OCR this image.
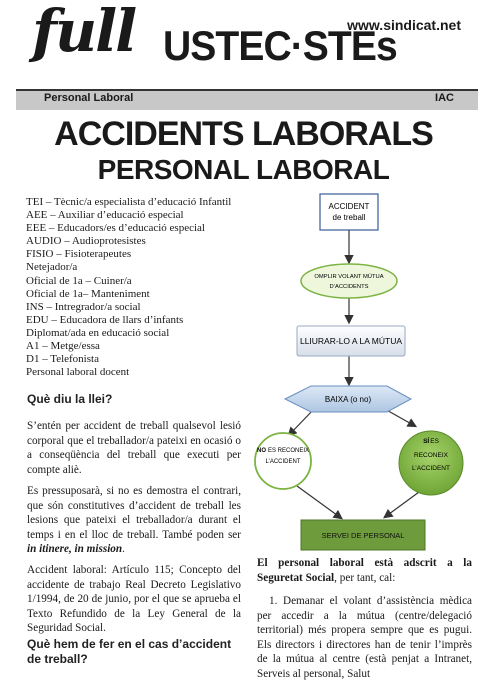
full USTEC·STEs
www.sindicat.net
Personal Laboral	IAC
ACCIDENTS LABORALS
PERSONAL LABORAL
TEI – Tècnic/a especialista d’educació Infantil
AEE – Auxiliar d’educació especial
EEE – Educadors/es d’educació especial
AUDIO – Audioprotesistes
FISIO – Fisioterapeutes
Netejador/a
Oficial de 1a – Cuiner/a
Oficial de 1a– Manteniment
INS – Intregrador/a social
EDU – Educadora de llars d’infants
Diplomat/ada en educació social
A1 – Metge/essa
D1 – Telefonista
Personal laboral docent
Què diu la llei?
S’entén per accident de treball qualsevol lesió corporal que el treballador/a pateixi en ocasió o a conseqüència del treball que executi per compte aliè.
Es pressuposarà, si no es demostra el contrari, que són constitutives d’accident de treball les lesions que pateixi el treballador/a durant el temps i en el lloc de treball. També poden ser in itinere, in mission.
Accident laboral: Artículo 115; Concepto del accidente de trabajo Real Decreto Legislativo 1/1994, de 20 de junio, por el que se aprueba el Texto Refundido de la Ley General de la Seguridad Social.
Què hem de fer en el cas d’accident de treball?
ACCIDENT
de treball
OMPLIR VOLANT MÚTUA
D’ACCIDENTS
LLIURAR-LO A LA MÚTUA
BAIXA (o no)
NO ES RECONEIX
L’ACCIDENT
SÍES
RECONEIX
L’ACCIDENT
SERVEI DE PERSONAL
El personal laboral està adscrit a la Seguretat Social, per tant, cal:
1. Demanar el volant d’assistència mèdica per accedir a la mútua (centre/delegació territorial) més propera sempre que es pugui. Els directors i directores han de tenir l’imprès de la mútua al centre (està penjat a Intranet, Serveis al personal, Salut
